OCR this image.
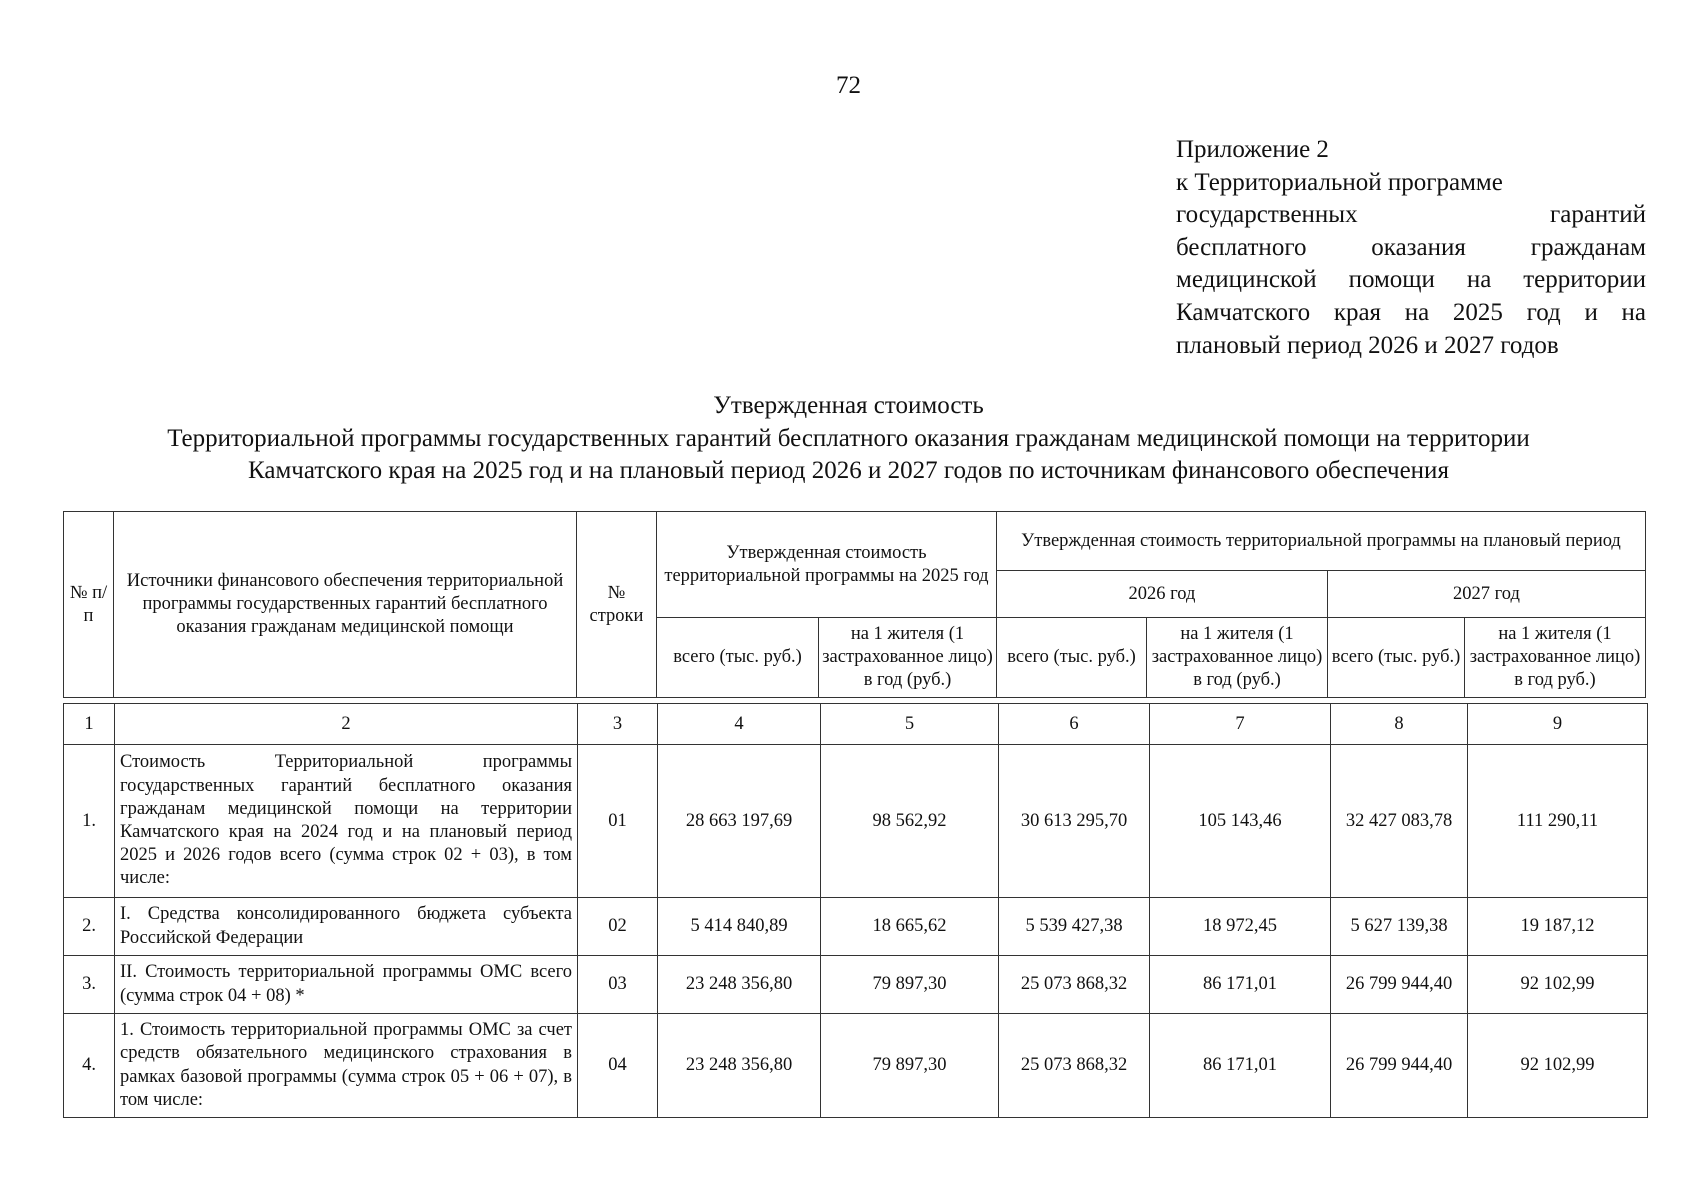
72
Приложение 2
к Территориальной программе
государственных гарантий
бесплатного оказания гражданам
медицинской помощи на территории
Камчатского края на 2025 год и на
плановый период 2026 и 2027 годов
Утвержденная стоимость
Территориальной программы государственных гарантий бесплатного оказания гражданам медицинской помощи на территории
Камчатского края на 2025 год и на плановый период 2026 и 2027 годов по источникам финансового обеспечения
№ п/п	Источники финансового обеспечения территориальной программы государственных гарантий бесплатного оказания гражданам медицинской помощи	№ строки	Утвержденная стоимость территориальной программы на 2025 год		Утвержденная стоимость территориальной программы на плановый период			
					2026 год		2027 год	
			всего (тыс. руб.)	на 1 жителя (1 застрахованное лицо) в год (руб.)	всего (тыс. руб.)	на 1 жителя (1 застрахованное лицо) в год (руб.)	всего (тыс. руб.)	на 1 жителя (1 застрахованное лицо) в год руб.)
1	2	3	4	5	6	7	8	9
1.	Стоимость Территориальной программы государственных гарантий бесплатного оказания гражданам медицинской помощи на территории Камчатского края на 2024 год и на плановый период 2025 и 2026 годов всего (сумма строк 02 + 03), в том числе:	01	28 663 197,69	98 562,92	30 613 295,70	105 143,46	32 427 083,78	111 290,11
2.	I. Средства консолидированного бюджета субъекта Российской Федерации	02	5 414 840,89	18 665,62	5 539 427,38	18 972,45	5 627 139,38	19 187,12
3.	II. Стоимость территориальной программы ОМС всего (сумма строк 04 + 08) *	03	23 248 356,80	79 897,30	25 073 868,32	86 171,01	26 799 944,40	92 102,99
4.	1. Стоимость территориальной программы ОМС за счет средств обязательного медицинского страхования в рамках базовой программы (сумма строк 05 + 06 + 07), в том числе:	04	23 248 356,80	79 897,30	25 073 868,32	86 171,01	26 799 944,40	92 102,99
